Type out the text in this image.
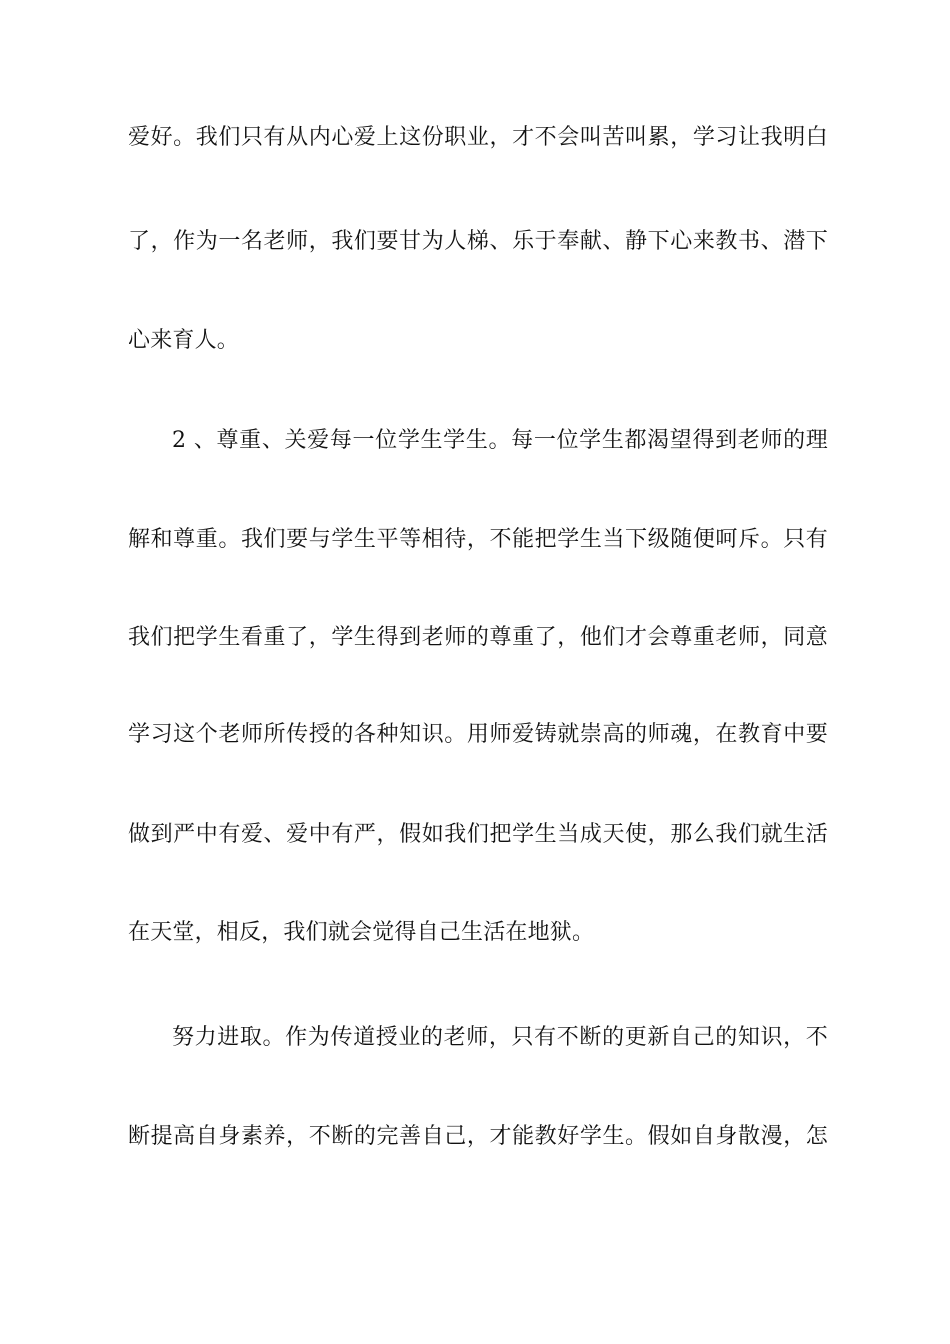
爱好。我们只有从内心爱上这份职业，才不会叫苦叫累，学习让我明白
了，作为一名老师，我们要甘为人梯、乐于奉献、静下心来教书、潜下
心来育人。
2 、尊重、关爱每一位学生学生。每一位学生都渴望得到老师的理
解和尊重。我们要与学生平等相待，不能把学生当下级随便呵斥。只有
我们把学生看重了，学生得到老师的尊重了，他们才会尊重老师，同意
学习这个老师所传授的各种知识。用师爱铸就崇高的师魂，在教育中要
做到严中有爱、爱中有严，假如我们把学生当成天使，那么我们就生活
在天堂，相反，我们就会觉得自己生活在地狱。
努力进取。作为传道授业的老师，只有不断的更新自己的知识，不
断提高自身素养，不断的完善自己，才能教好学生。假如自身散漫，怎
